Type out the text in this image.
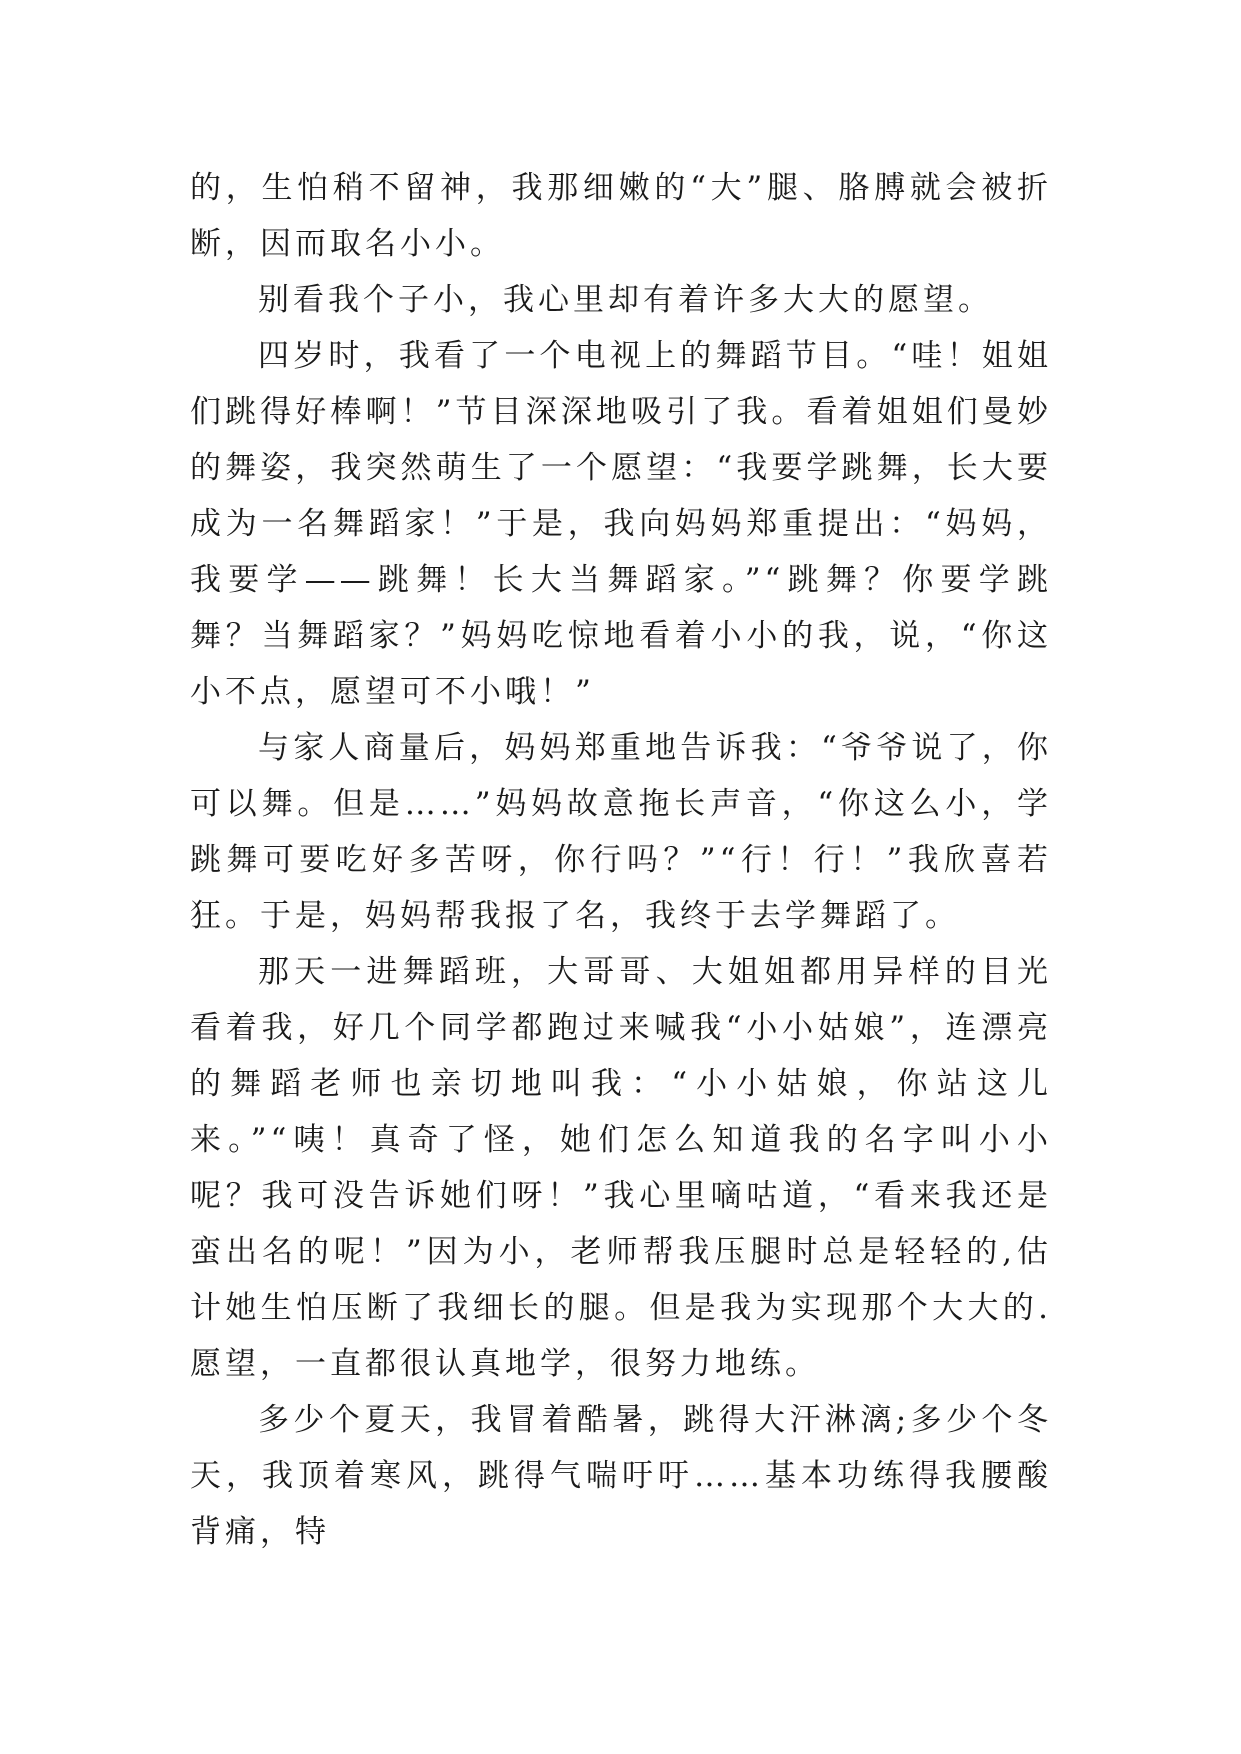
的，生怕稍不留神，我那细嫩的“大”腿、胳膊就会被折断，因而取名小小。

别看我个子小，我心里却有着许多大大的愿望。

四岁时，我看了一个电视上的舞蹈节目。“哇！姐姐们跳得好棒啊！”节目深深地吸引了我。看着姐姐们曼妙的舞姿，我突然萌生了一个愿望：“我要学跳舞，长大要成为一名舞蹈家！”于是，我向妈妈郑重提出：“妈妈，我要学——跳舞！长大当舞蹈家。”“跳舞？你要学跳舞？当舞蹈家？”妈妈吃惊地看着小小的我，说，“你这小不点，愿望可不小哦！”

与家人商量后，妈妈郑重地告诉我：“爷爷说了，你可以舞。但是……”妈妈故意拖长声音，“你这么小，学跳舞可要吃好多苦呀，你行吗？”“行！行！”我欣喜若狂。于是，妈妈帮我报了名，我终于去学舞蹈了。

那天一进舞蹈班，大哥哥、大姐姐都用异样的目光看着我，好几个同学都跑过来喊我“小小姑娘”，连漂亮的舞蹈老师也亲切地叫我：“小小姑娘，你站这儿来。”“咦！真奇了怪，她们怎么知道我的名字叫小小呢？我可没告诉她们呀！”我心里嘀咕道，“看来我还是蛮出名的呢！”因为小，老师帮我压腿时总是轻轻的,估计她生怕压断了我细长的腿。但是我为实现那个大大的.愿望，一直都很认真地学，很努力地练。

多少个夏天，我冒着酷暑，跳得大汗淋漓;多少个冬天，我顶着寒风，跳得气喘吁吁……基本功练得我腰酸背痛，特
